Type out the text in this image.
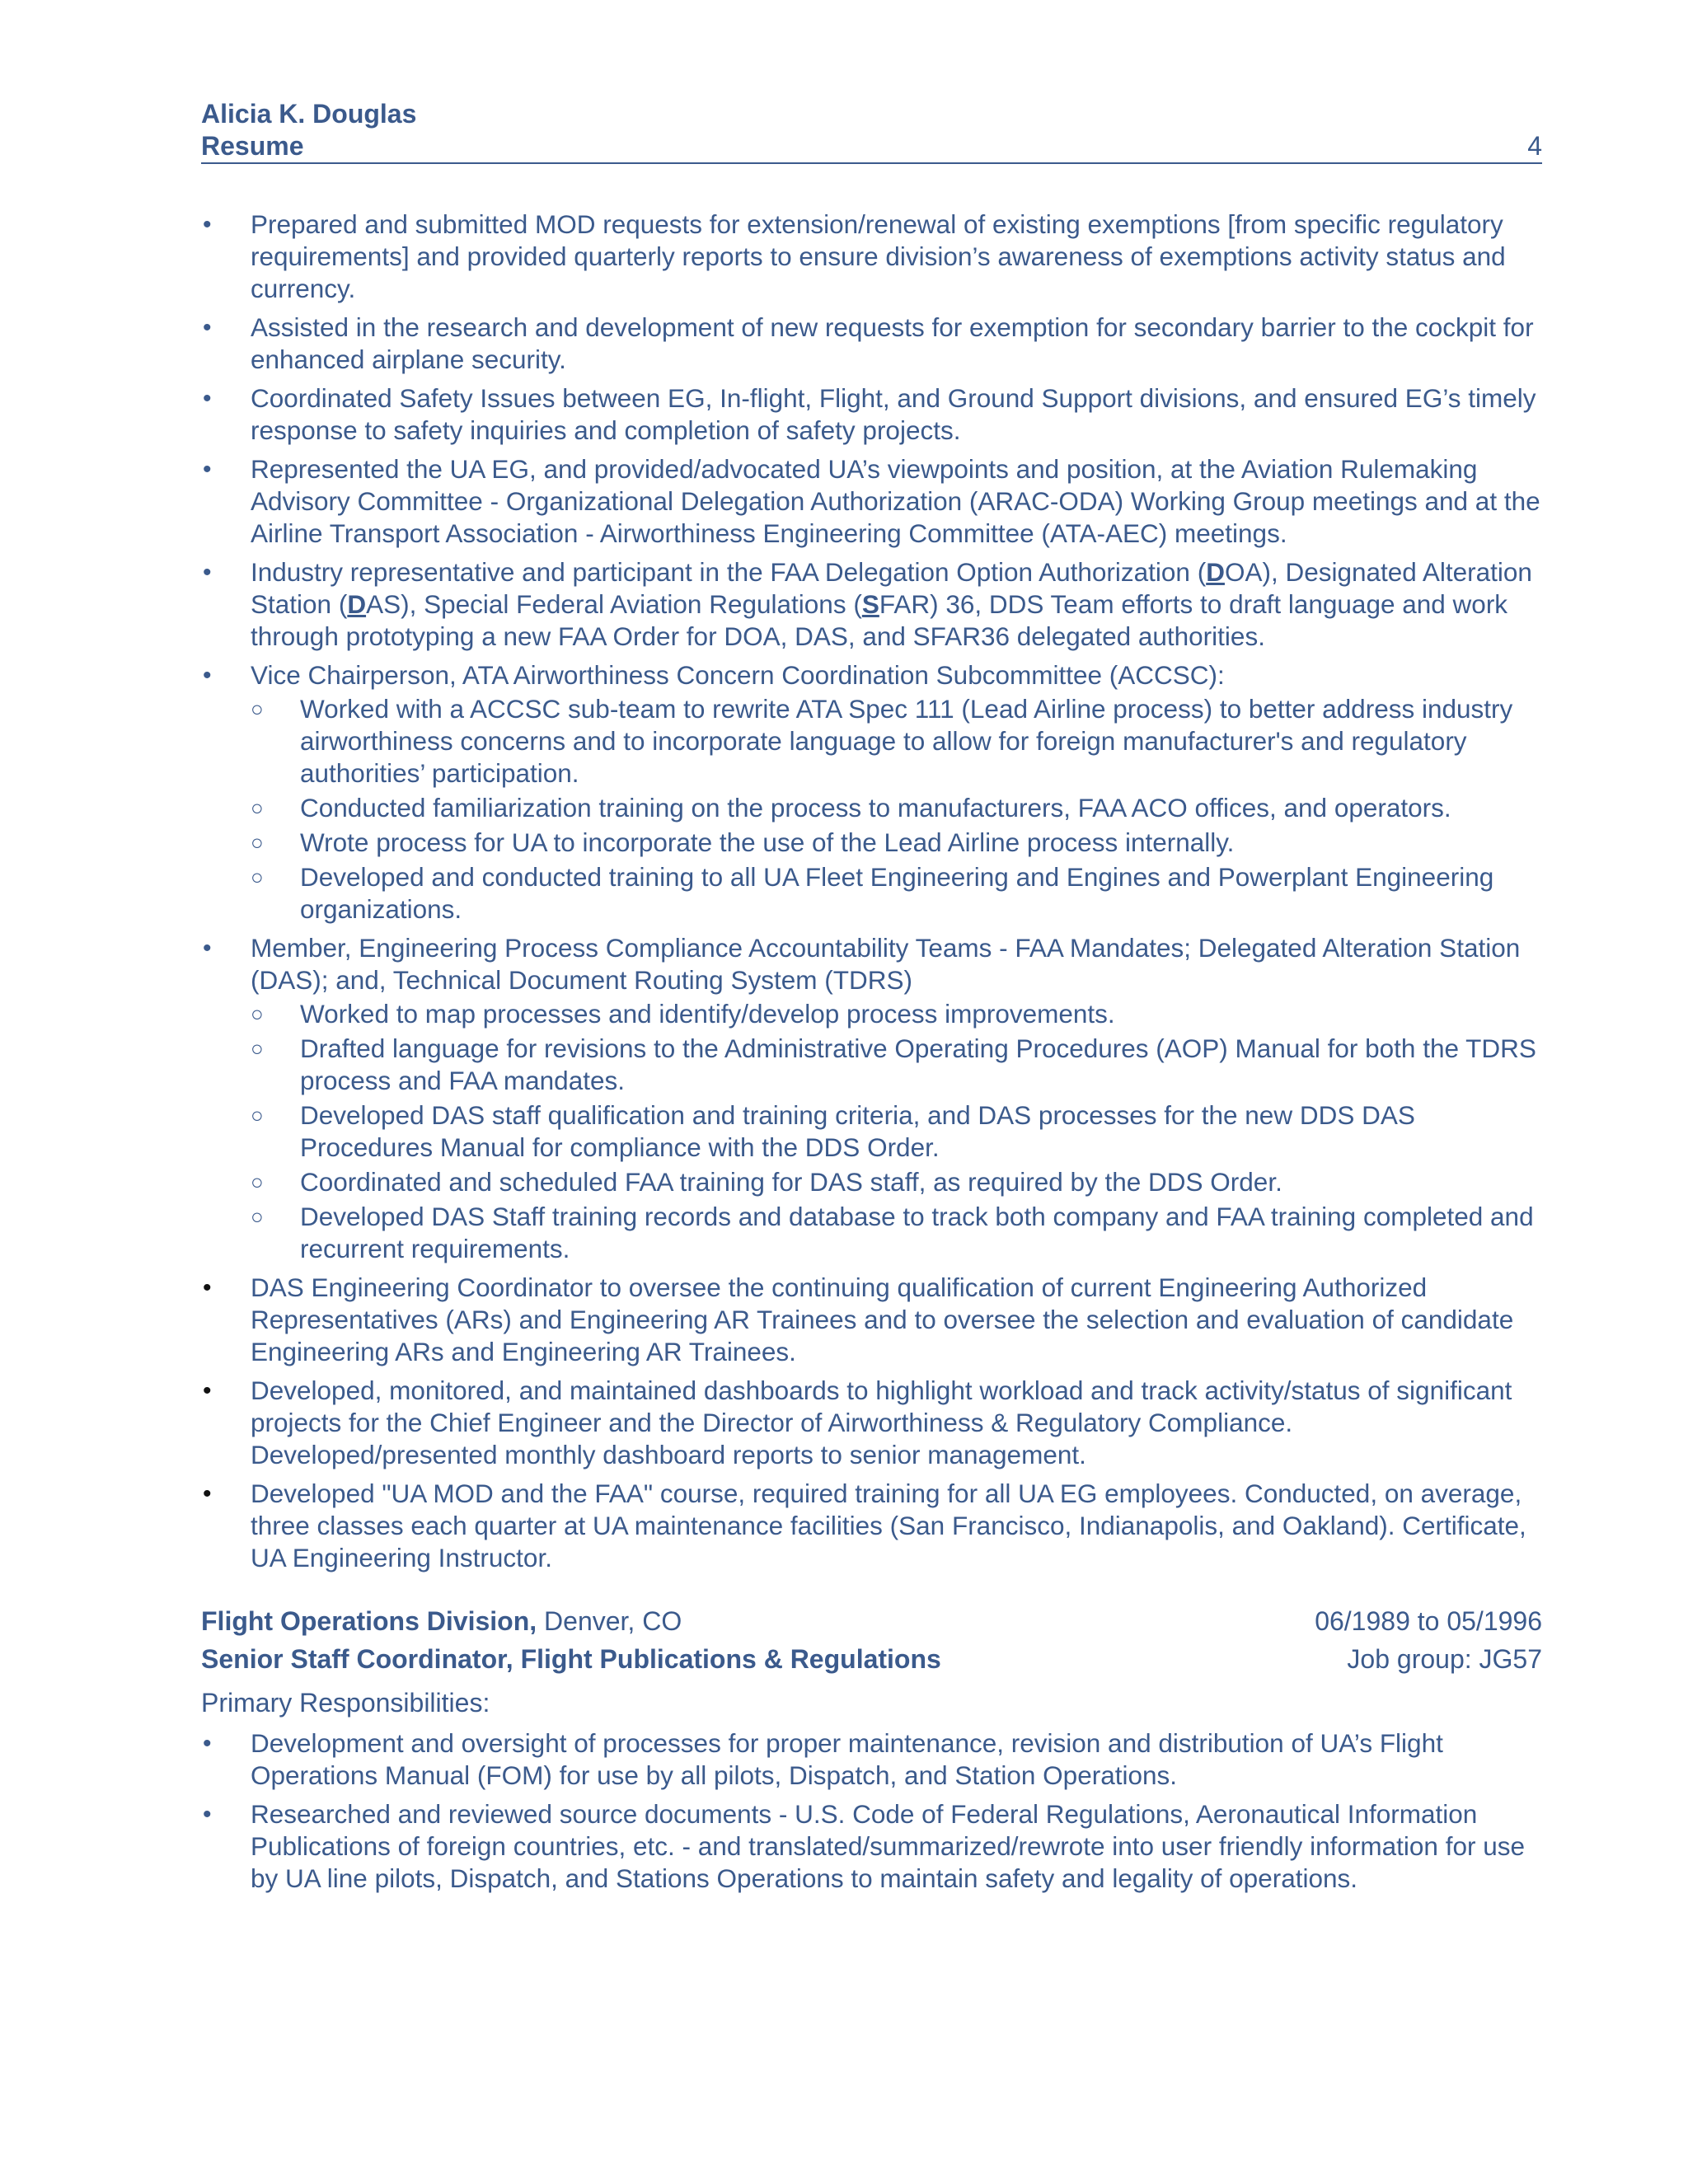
Alicia K. Douglas
Resume	4
•	Prepared and submitted MOD requests for extension/renewal of existing exemptions [from specific regulatory requirements] and provided quarterly reports to ensure division’s awareness of exemptions activity status and currency.
•	Assisted in the research and development of new requests for exemption for secondary barrier to the cockpit for enhanced airplane security.
•	Coordinated Safety Issues between EG, In-flight, Flight, and Ground Support divisions, and ensured EG’s timely response to safety inquiries and completion of safety projects.
•	Represented the UA EG, and provided/advocated UA’s viewpoints and position, at the Aviation Rulemaking Advisory Committee - Organizational Delegation Authorization (ARAC-ODA) Working Group meetings and at the Airline Transport Association - Airworthiness Engineering Committee (ATA-AEC) meetings.
•	Industry representative and participant in the FAA Delegation Option Authorization (DOA), Designated Alteration Station (DAS), Special Federal Aviation Regulations (SFAR) 36, DDS Team efforts to draft language and work through prototyping a new FAA Order for DOA, DAS, and SFAR36 delegated authorities.
•	Vice Chairperson, ATA Airworthiness Concern Coordination Subcommittee (ACCSC):
○ Worked with a ACCSC sub-team to rewrite ATA Spec 111 (Lead Airline process) to better address industry airworthiness concerns and to incorporate language to allow for foreign manufacturer's and regulatory authorities’ participation.
○ Conducted familiarization training on the process to manufacturers, FAA ACO offices, and operators.
○ Wrote process for UA to incorporate the use of the Lead Airline process internally.
○ Developed and conducted training to all UA Fleet Engineering and Engines and Powerplant Engineering organizations.
•	Member, Engineering Process Compliance Accountability Teams - FAA Mandates; Delegated Alteration Station (DAS); and, Technical Document Routing System (TDRS)
○ Worked to map processes and identify/develop process improvements.
○ Drafted language for revisions to the Administrative Operating Procedures (AOP) Manual for both the TDRS process and FAA mandates.
○ Developed DAS staff qualification and training criteria, and DAS processes for the new DDS DAS Procedures Manual for compliance with the DDS Order.
○ Coordinated and scheduled FAA training for DAS staff, as required by the DDS Order.
○ Developed DAS Staff training records and database to track both company and FAA training completed and recurrent requirements.
•	DAS Engineering Coordinator to oversee the continuing qualification of current Engineering Authorized Representatives (ARs) and Engineering AR Trainees and to oversee the selection and evaluation of candidate Engineering ARs and Engineering AR Trainees.
•	Developed, monitored, and maintained dashboards to highlight workload and track activity/status of significant projects for the Chief Engineer and the Director of Airworthiness & Regulatory Compliance. Developed/presented monthly dashboard reports to senior management.
•	Developed "UA MOD and the FAA" course, required training for all UA EG employees. Conducted, on average, three classes each quarter at UA maintenance facilities (San Francisco, Indianapolis, and Oakland). Certificate, UA Engineering Instructor.
Flight Operations Division, Denver, CO	06/1989 to 05/1996
Senior Staff Coordinator, Flight Publications & Regulations	Job group: JG57
Primary Responsibilities:
•	Development and oversight of processes for proper maintenance, revision and distribution of UA’s Flight Operations Manual (FOM) for use by all pilots, Dispatch, and Station Operations.
•	Researched and reviewed source documents - U.S. Code of Federal Regulations, Aeronautical Information Publications of foreign countries, etc. - and translated/summarized/rewrote into user friendly information for use by UA line pilots, Dispatch, and Stations Operations to maintain safety and legality of operations.
